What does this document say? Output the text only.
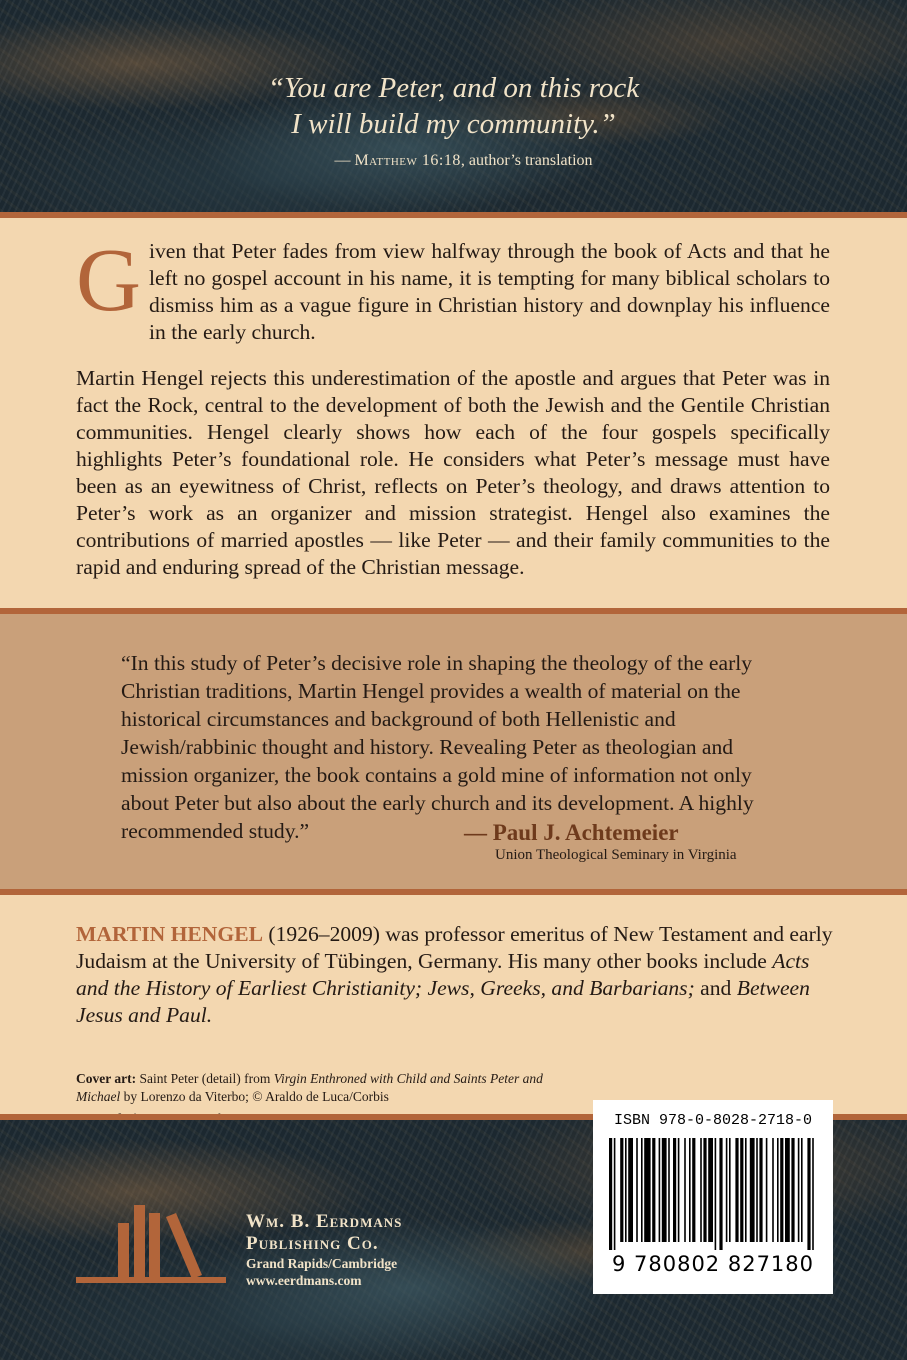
“You are Peter, and on this rock

I will build my community.”

— Matthew 16:18, author’s translation

Given that Peter fades from view halfway through the book of Acts and that he left no gospel account in his name, it is tempting for many biblical scholars to dismiss him as a vague figure in Christian history and downplay his influence in the early church.

Martin Hengel rejects this underestimation of the apostle and argues that Peter was in fact the Rock, central to the development of both the Jewish and the Gentile Christian communities. Hengel clearly shows how each of the four gospels specifically highlights Peter’s foundational role. He considers what Peter’s message must have been as an eyewitness of Christ, reflects on Peter’s theology, and draws attention to Peter’s work as an organizer and mission strategist. Hengel also examines the contributions of married apostles — like Peter — and their family communities to the rapid and enduring spread of the Christian message.

“In this study of Peter’s decisive role in shaping the theology of the early Christian traditions, Martin Hengel provides a wealth of material on the historical circumstances and background of both Hellenistic and Jewish/rabbinic thought and history. Revealing Peter as theologian and mission organizer, the book contains a gold mine of information not only about Peter but also about the early church and its development. A highly recommended study.”	— Paul J. Achtemeier
Union Theological Seminary in Virginia

MARTIN HENGEL (1926–2009) was professor emeritus of New Testament and early Judaism at the University of Tübingen, Germany. His many other books include Acts and the History of Earliest Christianity; Jews, Greeks, and Barbarians; and Between Jesus and Paul.

Cover art: Saint Peter (detail) from Virgin Enthroned with Child and Saints Peter and Michael by Lorenzo da Viterbo; © Araldo de Luca/Corbis

Wm. B. Eerdmans
Publishing Co.
Grand Rapids/Cambridge
www.eerdmans.com
ISBN 978-0-8028-2718-0
9 780802 827180
